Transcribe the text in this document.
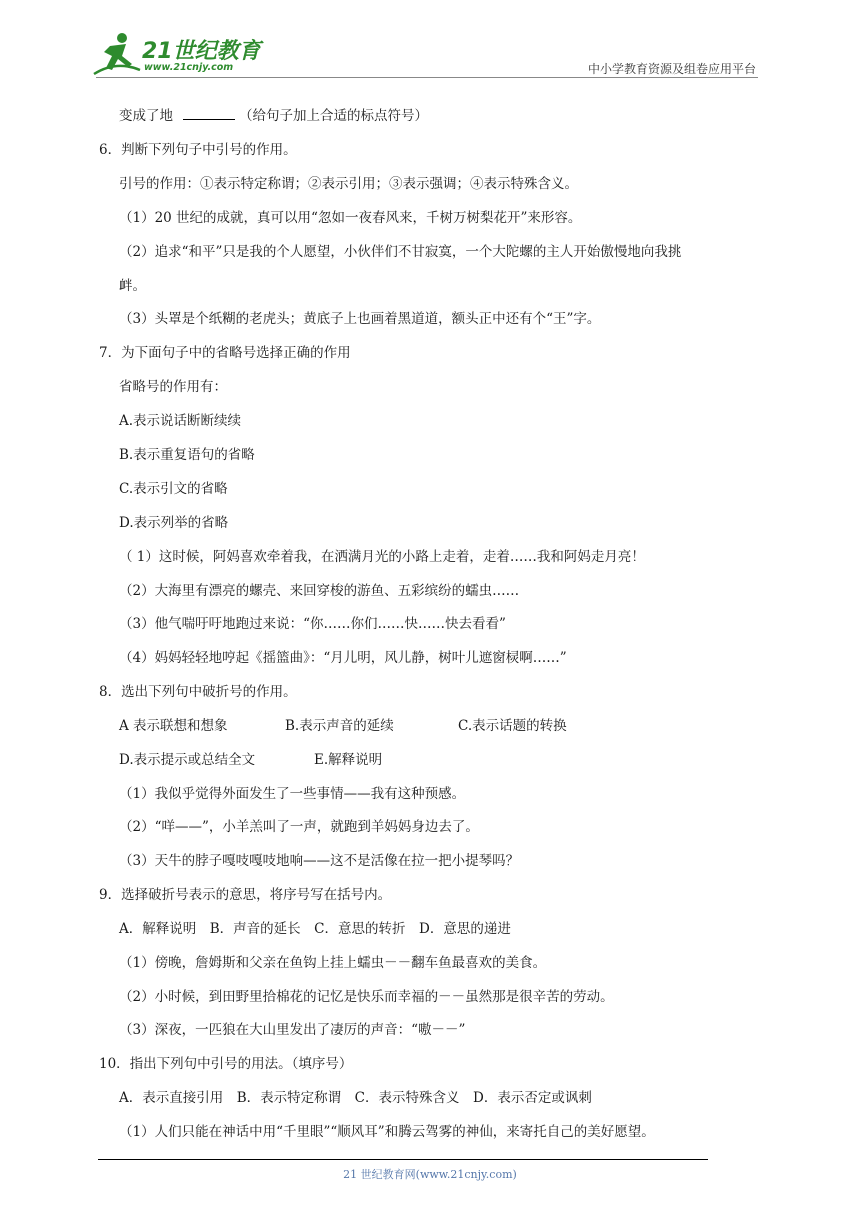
21世纪教育
www.21cnjy.com	中小学教育资源及组卷应用平台
变成了地	（给句子加上合适的标点符号）
6．判断下列句子中引号的作用。
引号的作用：①表示特定称谓；②表示引用；③表示强调；④表示特殊含义。
（1）20 世纪的成就，真可以用“忽如一夜春风来，千树万树梨花开”来形容。
（2）追求“和平”只是我的个人愿望，小伙伴们不甘寂寞，一个大陀螺的主人开始傲慢地向我挑
衅。
（3）头罩是个纸糊的老虎头；黄底子上也画着黑道道，额头正中还有个“王”字。
7．为下面句子中的省略号选择正确的作用
省略号的作用有：
A.表示说话断断续续
B.表示重复语句的省略
C.表示引文的省略
D.表示列举的省略
（ 1）这时候，阿妈喜欢牵着我，在洒满月光的小路上走着，走着……我和阿妈走月亮！
（2）大海里有漂亮的螺壳、来回穿梭的游鱼、五彩缤纷的蠕虫……
（3）他气喘吁吁地跑过来说：“你……你们……快……快去看看”
（4）妈妈轻轻地哼起《摇篮曲》：“月儿明，风儿静，树叶儿遮窗棂啊……”
8．选出下列句中破折号的作用。
A 表示联想和想象	B.表示声音的延续	C.表示话题的转换
D.表示提示或总结全文	E.解释说明
（1）我似乎觉得外面发生了一些事情——我有这种预感。
（2）“咩——”，小羊羔叫了一声，就跑到羊妈妈身边去了。
（3）天牛的脖子嘎吱嘎吱地响——这不是活像在拉一把小提琴吗？
9．选择破折号表示的意思，将序号写在括号内。
A．解释说明　B．声音的延长　C．意思的转折　D．意思的递进
（1）傍晚，詹姆斯和父亲在鱼钩上挂上蠕虫－－翻车鱼最喜欢的美食。
（2）小时候，到田野里拾棉花的记忆是快乐而幸福的－－虽然那是很辛苦的劳动。
（3）深夜，一匹狼在大山里发出了凄厉的声音：“嗷－－”
10．指出下列句中引号的用法。（填序号）
A．表示直接引用　B．表示特定称谓　C．表示特殊含义　D．表示否定或讽刺
（1）人们只能在神话中用“千里眼”“顺风耳”和腾云驾雾的神仙，来寄托自己的美好愿望。
21 世纪教育网(www.21cnjy.com)
